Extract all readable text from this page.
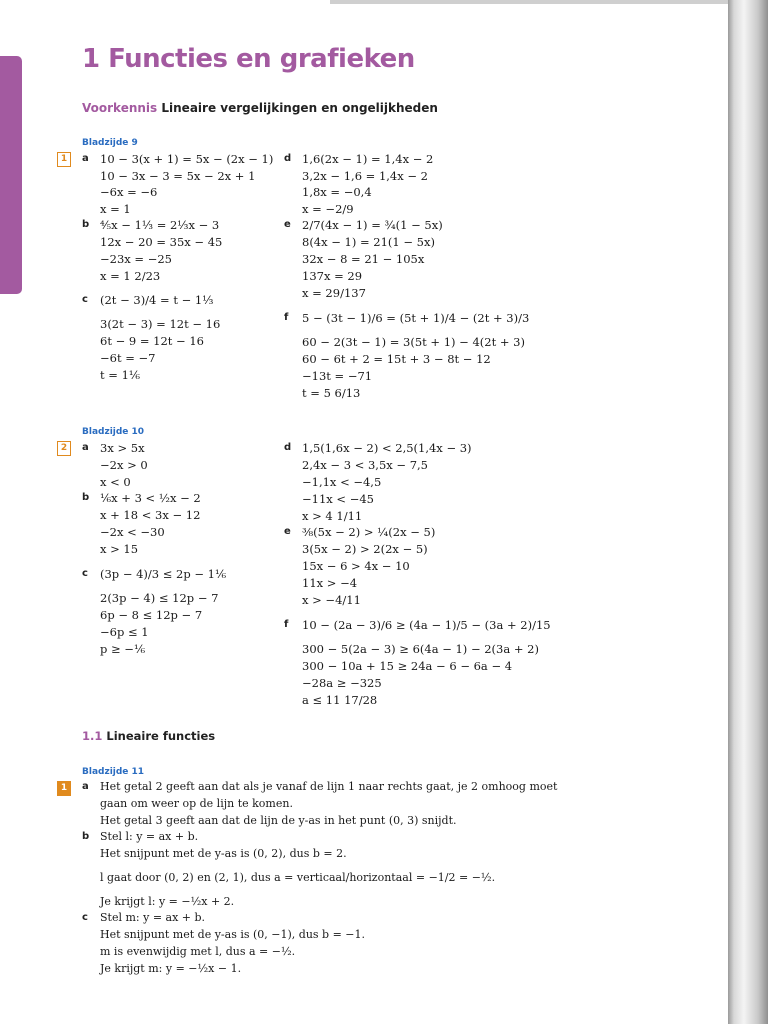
1 Functies en grafieken
Voorkennis Lineaire vergelijkingen en ongelijkheden
Bladzijde 9
1	a 10 − 3(x + 1) = 5x − (2x − 1)
10 − 3x − 3 = 5x − 2x + 1
−6x = −6
x = 1
b ⅘x − 1⅓ = 2⅓x − 3
12x − 20 = 35x − 45
−23x = −25
x = 1 2/23
c (2t − 3)/4 = t − 1⅓
3(2t − 3) = 12t − 16
6t − 9 = 12t − 16
−6t = −7
t = 1⅙
d 1,6(2x − 1) = 1,4x − 2
3,2x − 1,6 = 1,4x − 2
1,8x = −0,4
x = −2/9
e 2/7(4x − 1) = ¾(1 − 5x)
8(4x − 1) = 21(1 − 5x)
32x − 8 = 21 − 105x
137x = 29
x = 29/137
f 5 − (3t − 1)/6 = (5t + 1)/4 − (2t + 3)/3
60 − 2(3t − 1) = 3(5t + 1) − 4(2t + 3)
60 − 6t + 2 = 15t + 3 − 8t − 12
−13t = −71
t = 5 6/13
Bladzijde 10
2	a 3x > 5x
−2x > 0
x < 0
b ⅙x + 3 < ½x − 2
x + 18 < 3x − 12
−2x < −30
x > 15
c (3p − 4)/3 ≤ 2p − 1⅙
2(3p − 4) ≤ 12p − 7
6p − 8 ≤ 12p − 7
−6p ≤ 1
p ≥ −⅙
d 1,5(1,6x − 2) < 2,5(1,4x − 3)
2,4x − 3 < 3,5x − 7,5
−1,1x < −4,5
−11x < −45
x > 4 1/11
e ⅜(5x − 2) > ¼(2x − 5)
3(5x − 2) > 2(2x − 5)
15x − 6 > 4x − 10
11x > −4
x > −4/11
f 10 − (2a − 3)/6 ≥ (4a − 1)/5 − (3a + 2)/15
300 − 5(2a − 3) ≥ 6(4a − 1) − 2(3a + 2)
300 − 10a + 15 ≥ 24a − 6 − 6a − 4
−28a ≥ −325
a ≤ 11 17/28
1.1 Lineaire functies
Bladzijde 11
1	a Het getal 2 geeft aan dat als je vanaf de lijn 1 naar rechts gaat, je 2 omhoog moet
gaan om weer op de lijn te komen.
Het getal 3 geeft aan dat de lijn de y-as in het punt (0, 3) snijdt.
b Stel l: y = ax + b.
Het snijpunt met de y-as is (0, 2), dus b = 2.
l gaat door (0, 2) en (2, 1), dus a = verticaal/horizontaal = −1/2 = −½.
Je krijgt l: y = −½x + 2.
c Stel m: y = ax + b.
Het snijpunt met de y-as is (0, −1), dus b = −1.
m is evenwijdig met l, dus a = −½.
Je krijgt m: y = −½x − 1.
